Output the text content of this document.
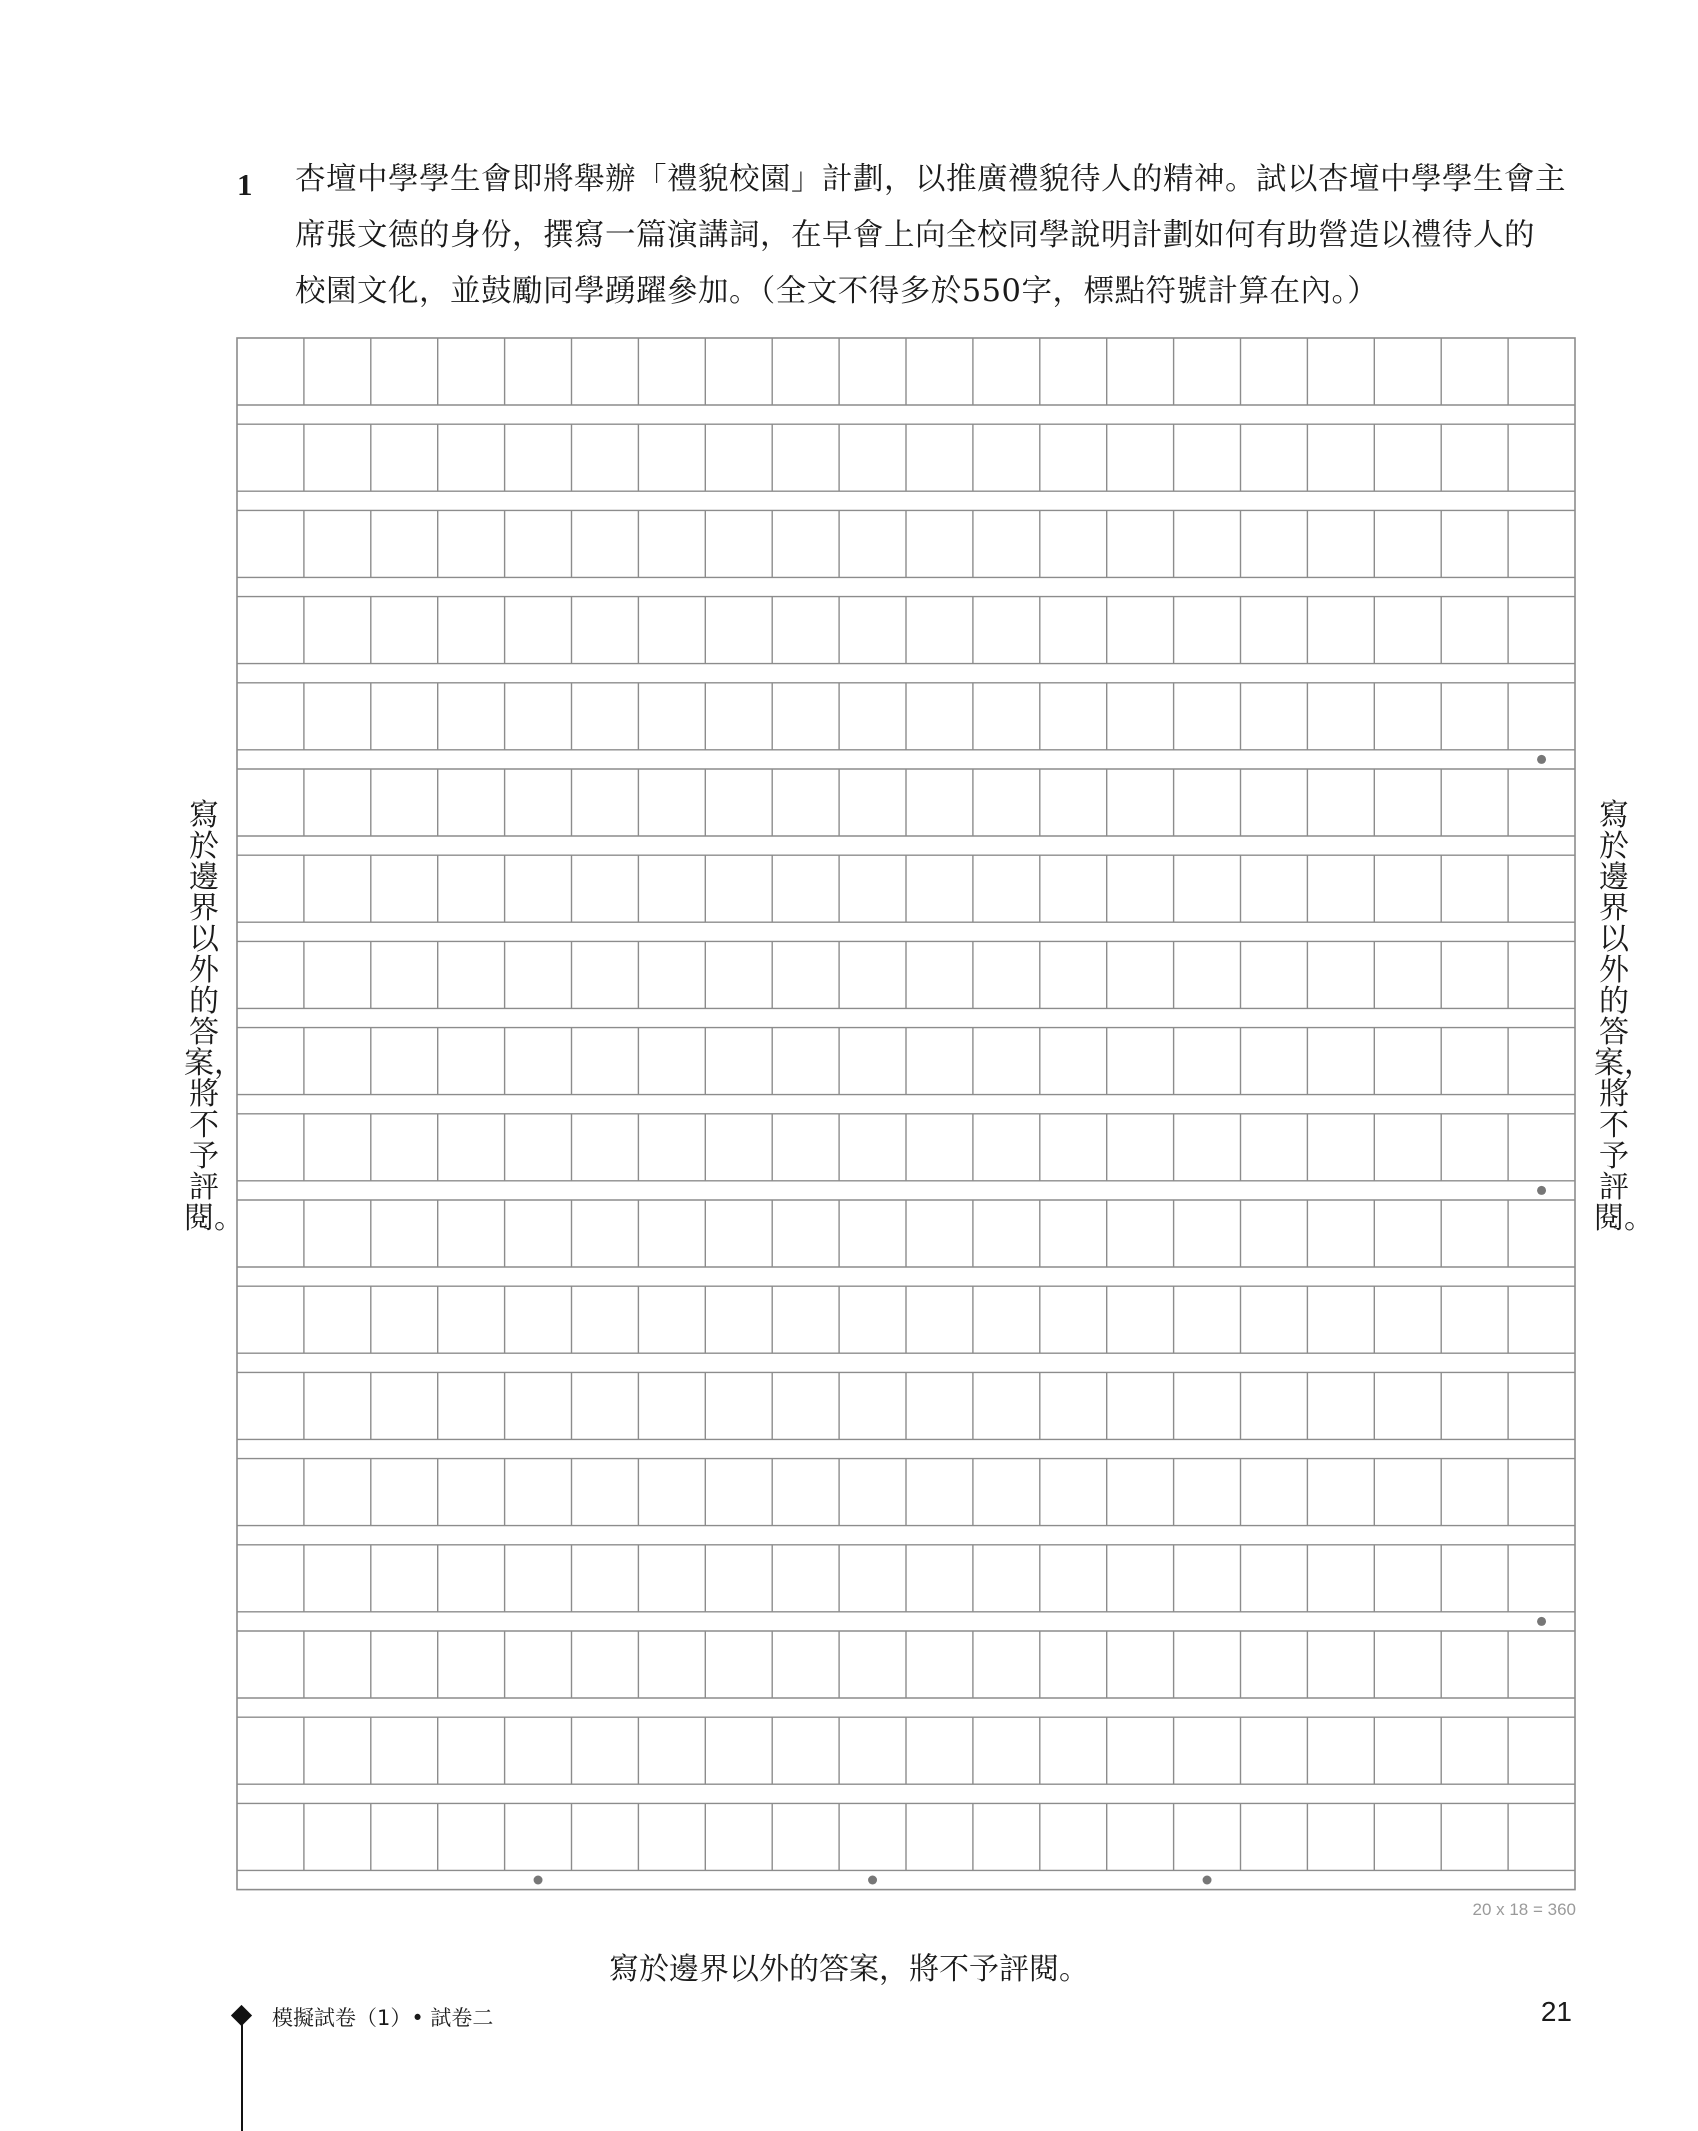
1 杏壇中學學生會即將舉辦「禮貌校園」計劃，以推廣禮貌待人的精神。試以杏壇中學學生會主
席張文德的身份，撰寫一篇演講詞，在早會上向全校同學說明計劃如何有助營造以禮待人的
校園文化，並鼓勵同學踴躍參加。（全文不得多於550字，標點符號計算在內。）
寫於邊界以外的答案，將不予評閱。
寫於邊界以外的答案，將不予評閱。
20 x 18 = 360
寫於邊界以外的答案，將不予評閱。
模擬試卷（1）• 試卷二	21
